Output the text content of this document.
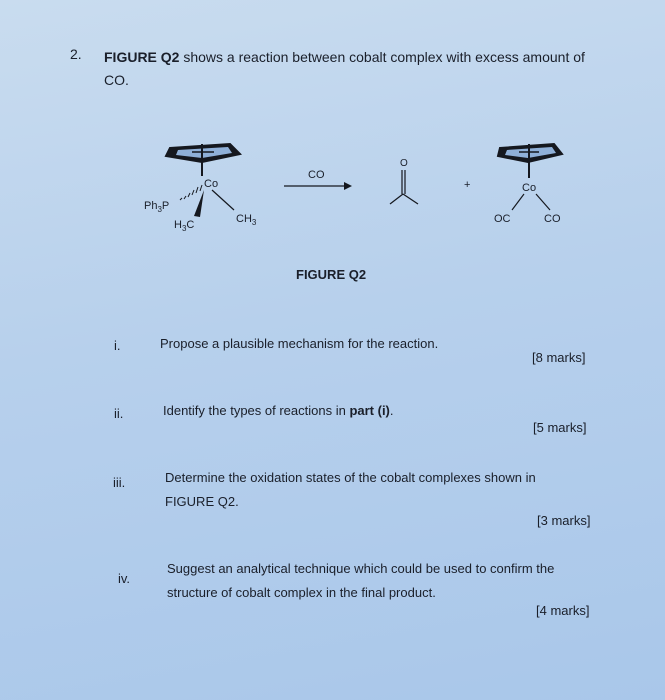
2. FIGURE Q2 shows a reaction between cobalt complex with excess amount of CO.
Co
$Ph_3P$
$H_3C$	$CH_3$
CO
O
+	Co
OC	CO
FIGURE Q2
i.	Propose a plausible mechanism for the reaction.
[8 marks]
ii.	Identify the types of reactions in part (i).
[5 marks]
iii.	Determine the oxidation states of the cobalt complexes shown in
FIGURE Q2.
[3 marks]
iv.
Suggest an analytical technique which could be used to confirm the
structure of cobalt complex in the final product.
[4 marks]
